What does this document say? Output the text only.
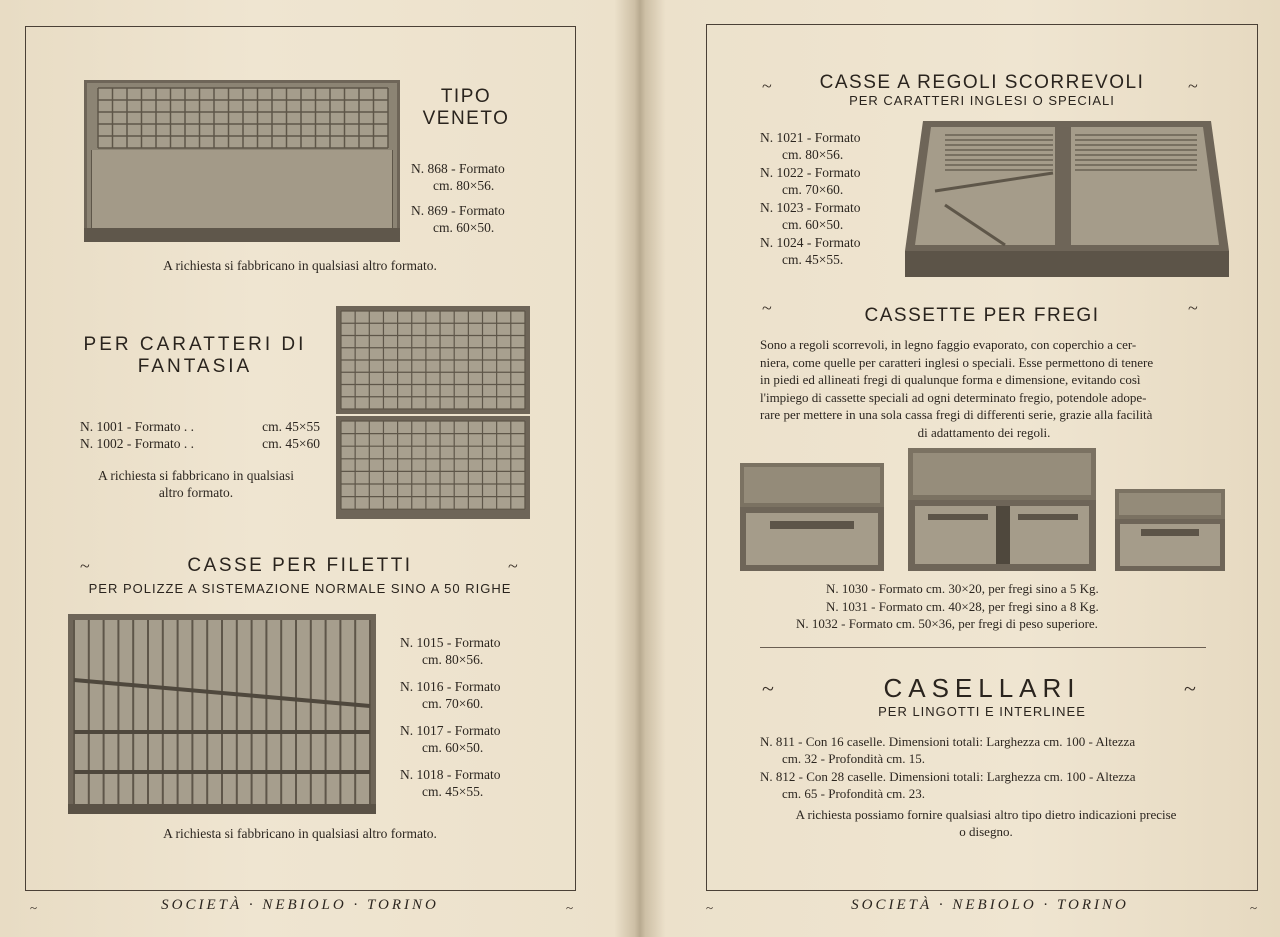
TIPO
VENETO
N. 868 - Formato
cm. 80×56.
N. 869 - Formato
cm. 60×50.
A richiesta si fabbricano in qualsiasi altro formato.
PER CARATTERI DI
FANTASIA
N. 1001 - Formato . .	cm. 45×55
N. 1002 - Formato . .	cm. 45×60
A richiesta si fabbricano in qualsiasi
altro formato.
~	CASSE PER FILETTI	~
PER POLIZZE A SISTEMAZIONE NORMALE SINO A 50 RIGHE
N. 1015 - Formato
cm. 80×56.
N. 1016 - Formato
cm. 70×60.
N. 1017 - Formato
cm. 60×50.
N. 1018 - Formato
cm. 45×55.
A richiesta si fabbricano in qualsiasi altro formato.
SOCIETÀ · NEBIOLO · TORINO
~	~
~	CASSE A REGOLI SCORREVOLI	~
PER CARATTERI INGLESI O SPECIALI
N. 1021 - Formato
cm. 80×56.
N. 1022 - Formato
cm. 70×60.
N. 1023 - Formato
cm. 60×50.
N. 1024 - Formato
cm. 45×55.
~	CASSETTE PER FREGI	~
Sono a regoli scorrevoli, in legno faggio evaporato, con coperchio a cer-
niera, come quelle per caratteri inglesi o speciali. Esse permettono di tenere
in piedi ed allineati fregi di qualunque forma e dimensione, evitando così
l'impiego di cassette speciali ad ogni determinato fregio, potendole adope-
rare per mettere in una sola cassa fregi di differenti serie, grazie alla facilità
di adattamento dei regoli.
N. 1030 - Formato cm. 30×20, per fregi sino a 5 Kg.
N. 1031 - Formato cm. 40×28, per fregi sino a 8 Kg.
N. 1032 - Formato cm. 50×36, per fregi di peso superiore.
~	CASELLARI	~
PER LINGOTTI E INTERLINEE
N. 811 - Con 16 caselle. Dimensioni totali: Larghezza cm. 100 - Altezza
cm. 32 - Profondità cm. 15.
N. 812 - Con 28 caselle. Dimensioni totali: Larghezza cm. 100 - Altezza
cm. 65 - Profondità cm. 23.
A richiesta possiamo fornire qualsiasi altro tipo dietro indicazioni precise
o disegno.
SOCIETÀ · NEBIOLO · TORINO
~	~
